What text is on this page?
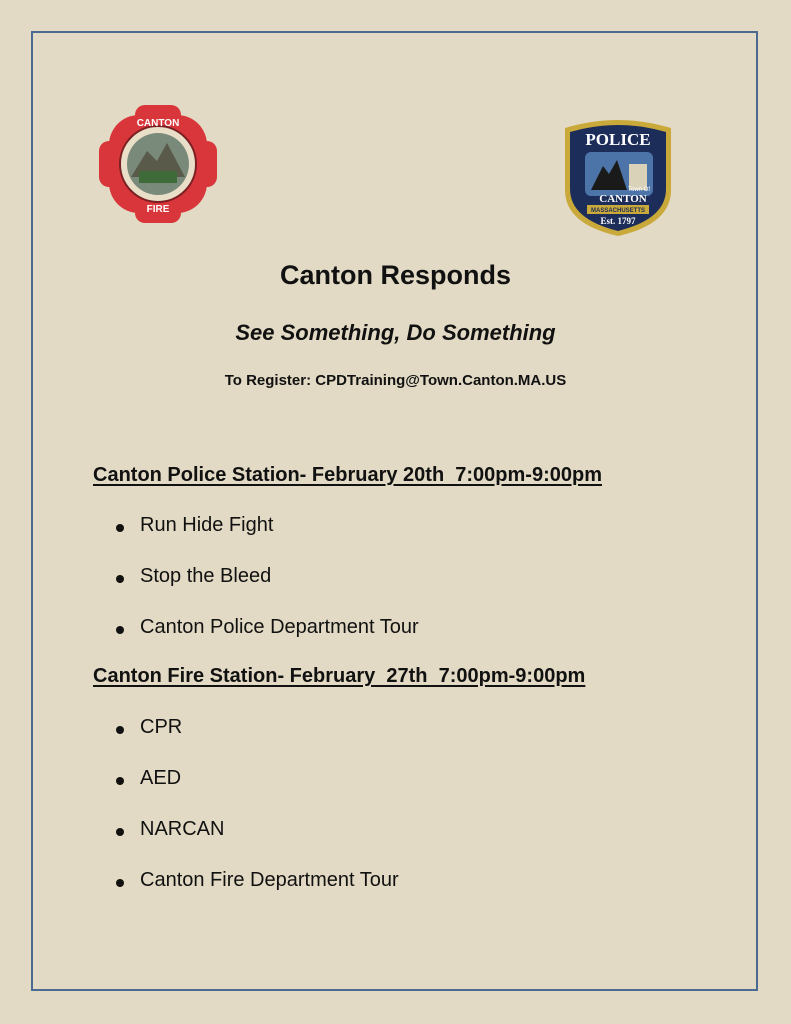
CANTON
FIRE
POLICE
Town Of
CANTON
MASSACHUSETTS
Est. 1797
Canton Responds
See Something, Do Something

To Register: CPDTraining@Town.Canton.MA.US

Canton Police Station- February 20th  7:00pm-9:00pm

Run Hide Fight
Stop the Bleed
Canton Police Department Tour

Canton Fire Station- February  27th  7:00pm-9:00pm

CPR
AED
NARCAN
Canton Fire Department Tour
